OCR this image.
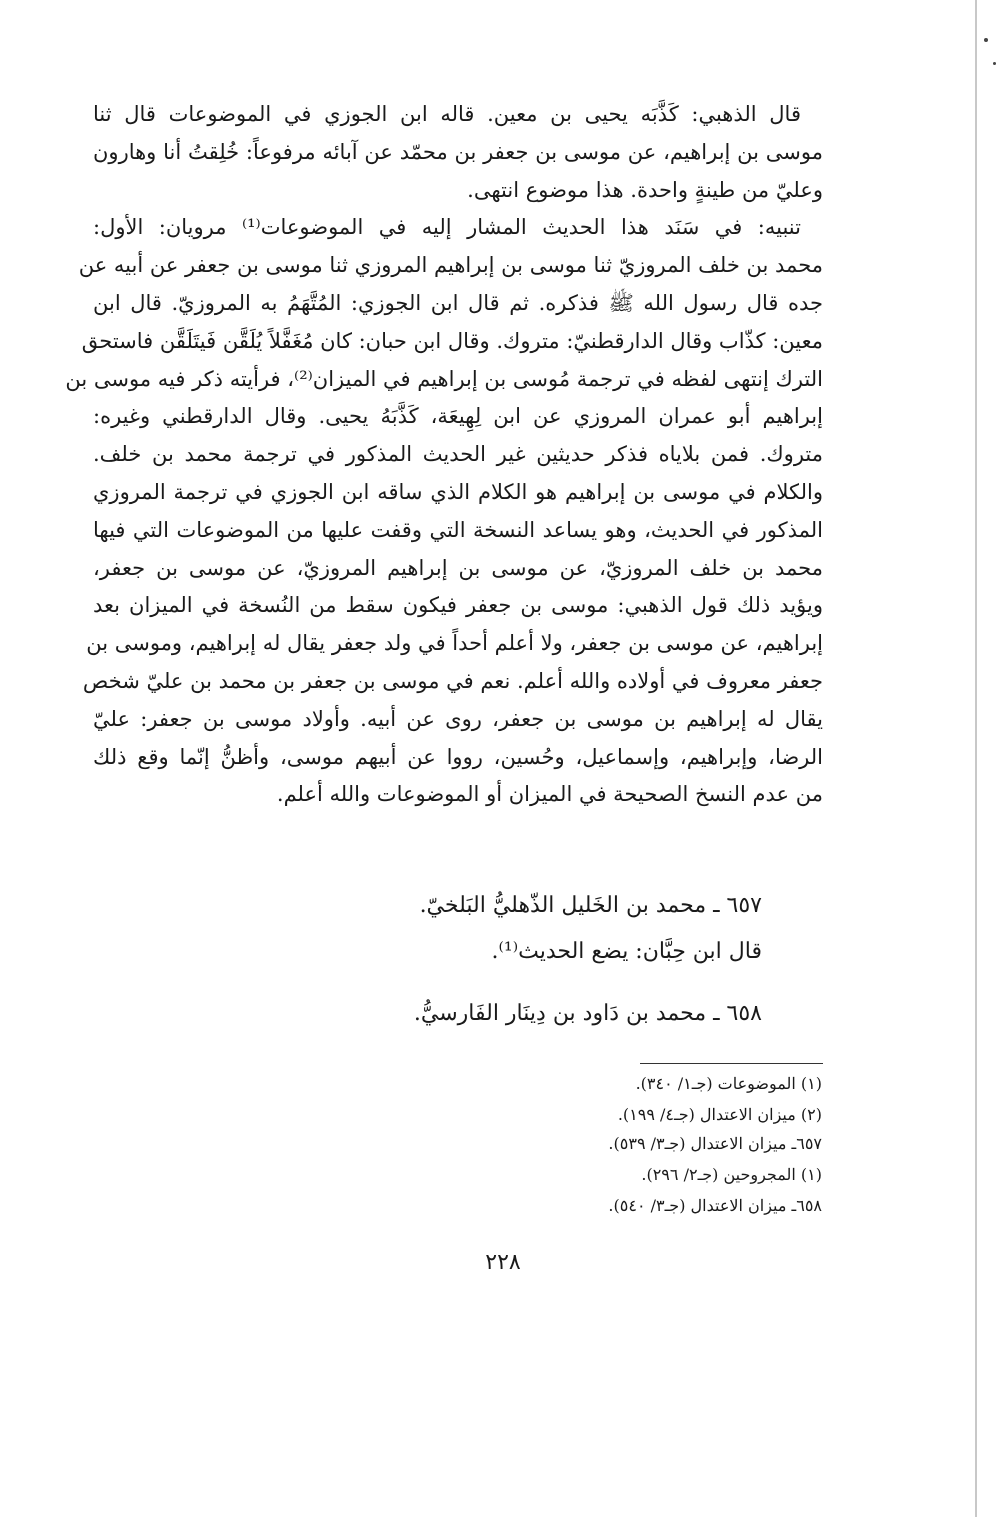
قال الذهبي: كَذَّبَه يحيى بن معين. قاله ابن الجوزي في الموضوعات قال ثنا
موسى بن إبراهيم، عن موسى بن جعفر بن محمّد عن آبائه مرفوعاً: خُلِقتُ أنا وهارون
وعليّ من طينةٍ واحدة. هذا موضوع انتهى.
تنبيه: في سَنَد هذا الحديث المشار إليه في الموضوعات⁽¹⁾ مرويان: الأول:
محمد بن خلف المروزيّ ثنا موسى بن إبراهيم المروزي ثنا موسى بن جعفر عن أبيه عن
جده قال رسول الله ﷺ فذكره. ثم قال ابن الجوزي: المُتَّهَمُ به المروزيّ. قال ابن
معين: كذّاب وقال الدارقطنيّ: متروك. وقال ابن حبان: كان مُغَفَّلاً يُلَقَّن فَيتَلَقَّن فاستحق
الترك إنتهى لفظه في ترجمة مُوسى بن إبراهيم في الميزان⁽²⁾، فرأيته ذكر فيه موسى بن
إبراهيم أبو عمران المروزي عن ابن لِهِيعَة، كَذَّبَهُ يحيى. وقال الدارقطني وغيره:
متروك. فمن بلاياه فذكر حديثين غير الحديث المذكور في ترجمة محمد بن خلف.
والكلام في موسى بن إبراهيم هو الكلام الذي ساقه ابن الجوزي في ترجمة المروزي
المذكور في الحديث، وهو يساعد النسخة التي وقفت عليها من الموضوعات التي فيها
محمد بن خلف المروزيّ، عن موسى بن إبراهيم المروزيّ، عن موسى بن جعفر،
ويؤيد ذلك قول الذهبي: موسى بن جعفر فيكون سقط من النُسخة في الميزان بعد
إبراهيم، عن موسى بن جعفر، ولا أعلم أحداً في ولد جعفر يقال له إبراهيم، وموسى بن
جعفر معروف في أولاده والله أعلم. نعم في موسى بن جعفر بن محمد بن عليّ شخص
يقال له إبراهيم بن موسى بن جعفر، روى عن أبيه. وأولاد موسى بن جعفر: عليّ
الرضا، وإبراهيم، وإسماعيل، وحُسين، رووا عن أبيهم موسى، وأظنُّ إنّما وقع ذلك
من عدم النسخ الصحيحة في الميزان أو الموضوعات والله أعلم.
٦٥٧ ـ محمد بن الخَليل الذّهليُّ البَلخيّ.
قال ابن حِبَّان: يضع الحديث⁽¹⁾.
٦٥٨ ـ محمد بن دَاود بن دِينَار الفَارسيُّ.
(١) الموضوعات (جـ١/ ٣٤٠).
(٢) ميزان الاعتدال (جـ٤/ ١٩٩).
٦٥٧ـ ميزان الاعتدال (جـ٣/ ٥٣٩).
(١) المجروحين (جـ٢/ ٢٩٦).
٦٥٨ـ ميزان الاعتدال (جـ٣/ ٥٤٠).
٢٢٨
